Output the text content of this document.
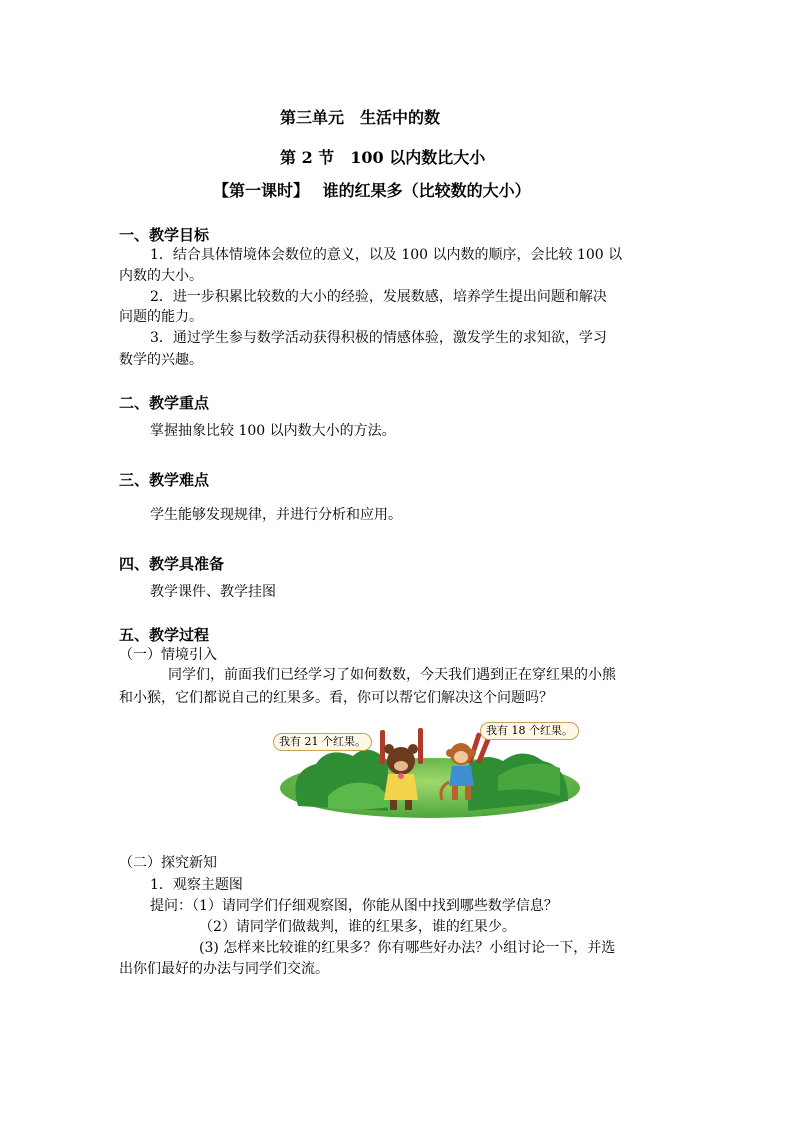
第三单元　生活中的数
第 2 节　100 以内数比大小
【第一课时】　 谁的红果多（比较数的大小）
一、教学目标
1．结合具体情境体会数位的意义，以及 100 以内数的顺序，会比较 100 以
内数的大小。
2．进一步积累比较数的大小的经验，发展数感，培养学生提出问题和解决
问题的能力。
3．通过学生参与数学活动获得积极的情感体验，激发学生的求知欲，学习
数学的兴趣。
二、教学重点
掌握抽象比较 100 以内数大小的方法。
三、教学难点
学生能够发现规律，并进行分析和应用。
四、教学具准备
教学课件、教学挂图
五、教学过程
（一）情境引入
同学们，前面我们已经学习了如何数数，今天我们遇到正在穿红果的小熊
和小猴，它们都说自己的红果多。看，你可以帮它们解决这个问题吗？
我有 21 个红果。
我有 18 个红果。
（二）探究新知
1．观察主题图
提问：（1）请同学们仔细观察图，你能从图中找到哪些数学信息？
（2）请同学们做裁判，谁的红果多，谁的红果少。
(3) 怎样来比较谁的红果多？你有哪些好办法？小组讨论一下，并选
出你们最好的办法与同学们交流。
